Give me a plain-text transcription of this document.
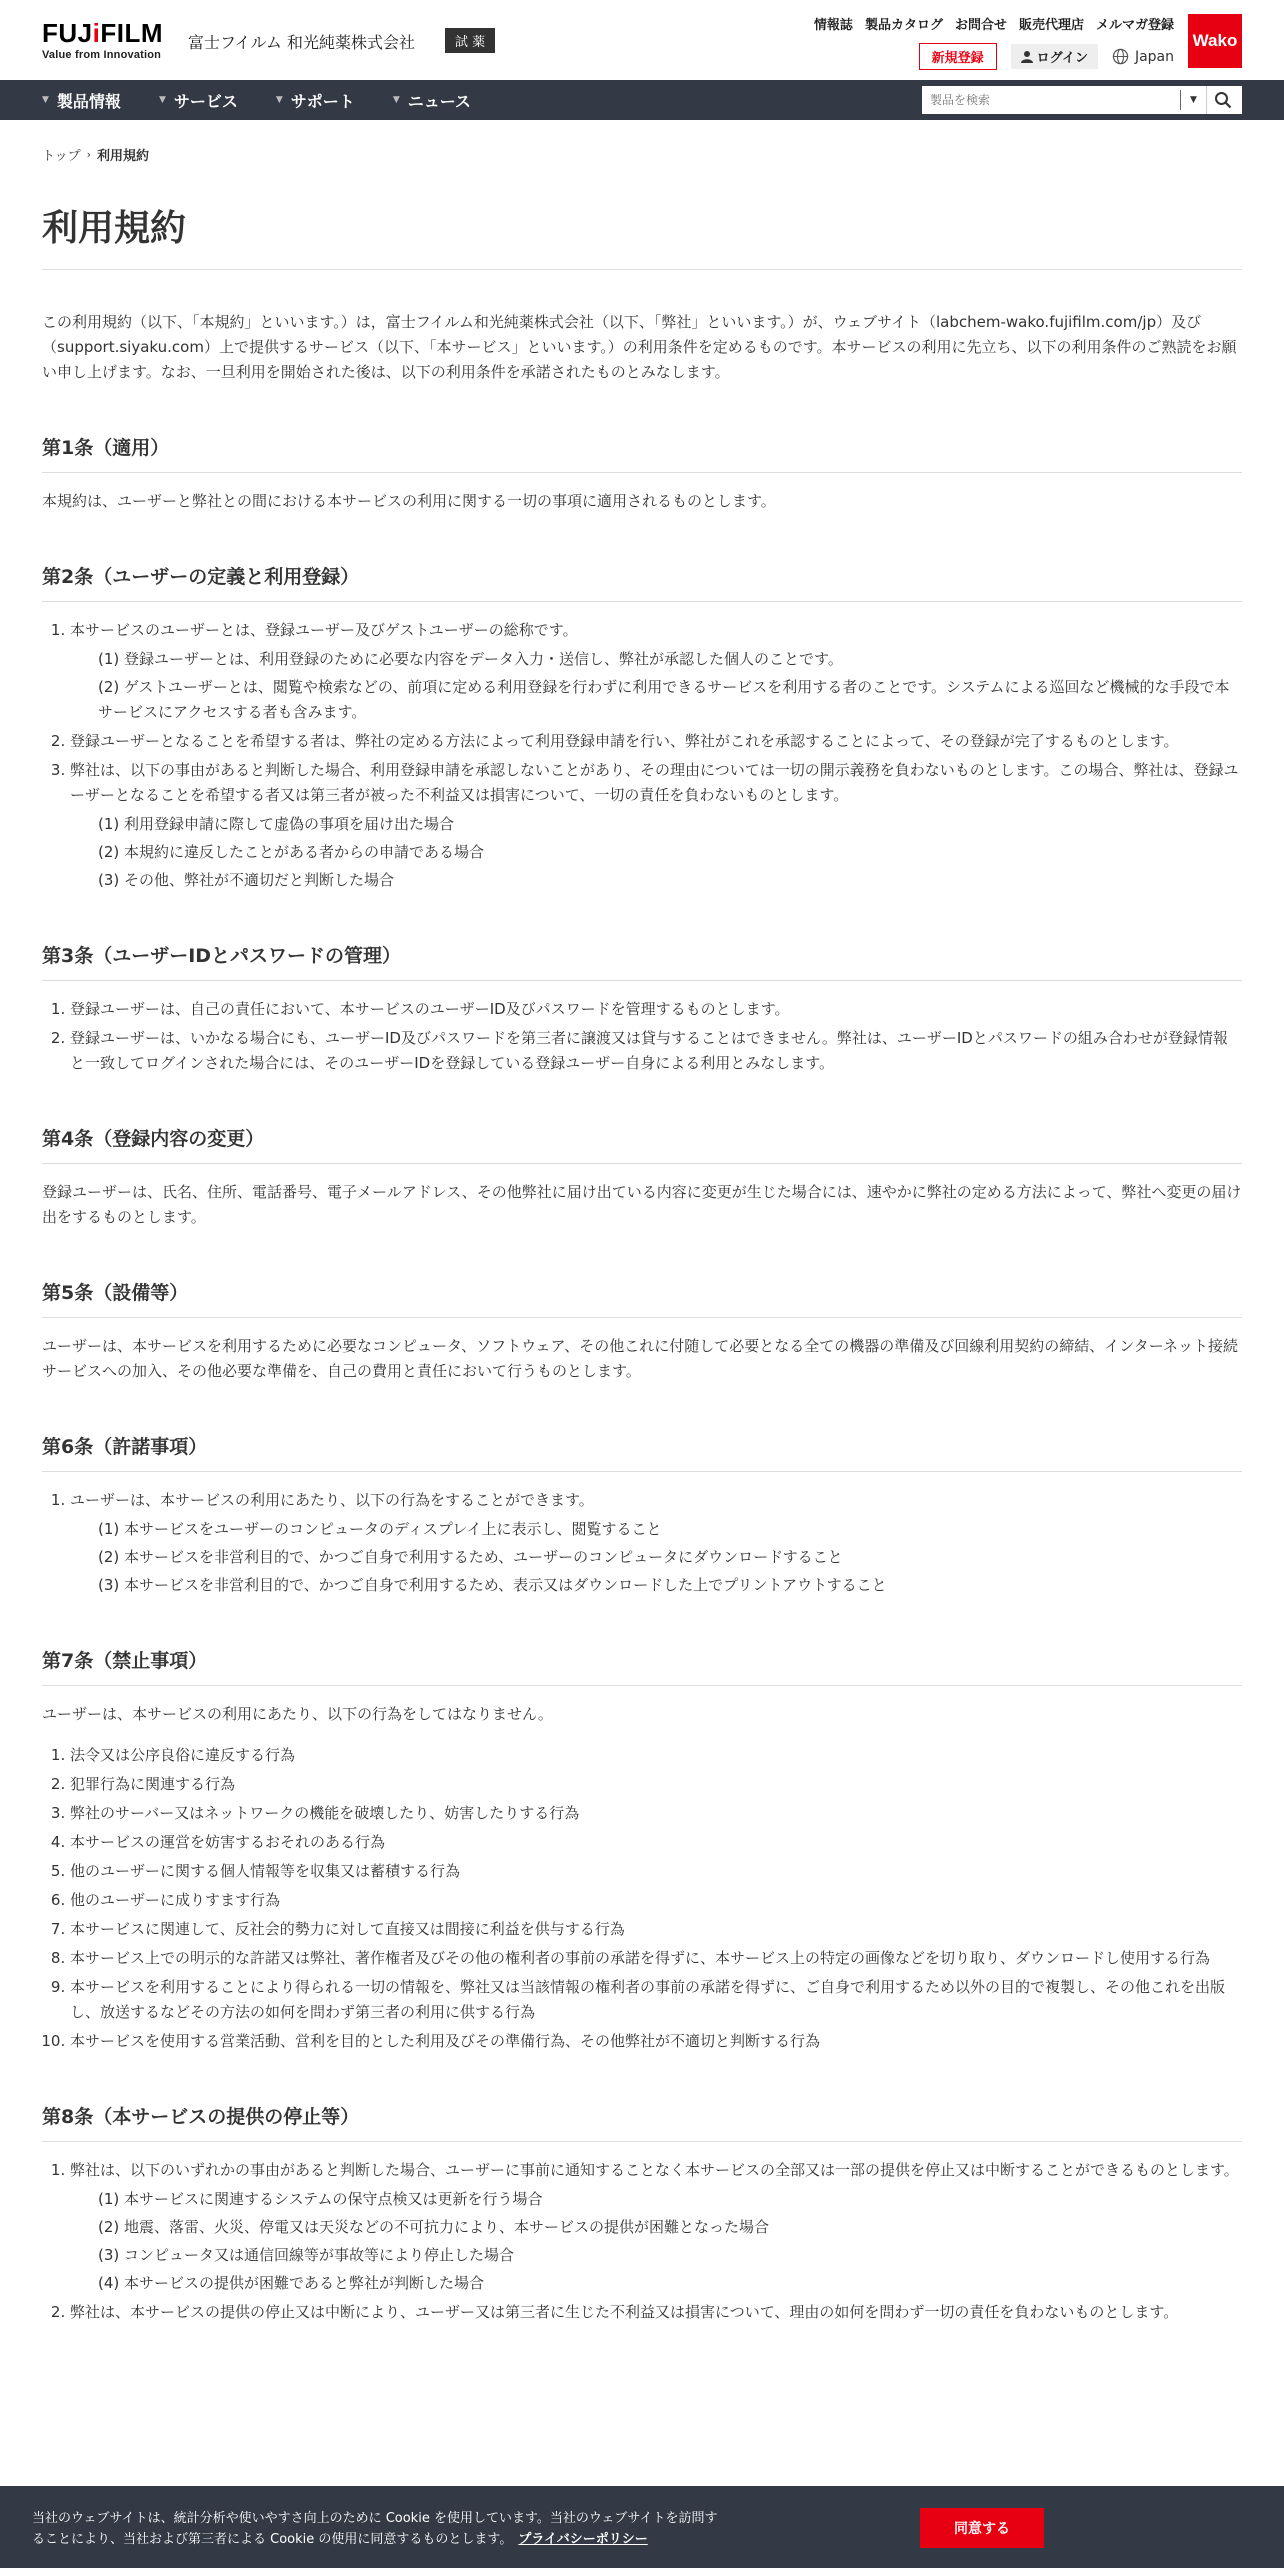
FUJiFILM
Value from Innovation
富士フイルム 和光純薬株式会社	試 薬
情報誌 製品カタログ お問合せ 販売代理店 メルマガ登録
新規登録	ログイン	Japan
Wako
▼ 製品情報	▼ サービス	▼ サポート	▼ ニュース
製品を検索	▼
トップ › 利用規約
利用規約

この利用規約（以下、「本規約」といいます。）は，富士フイルム和光純薬株式会社（以下、「弊社」といいます。）が、ウェブサイト（labchem-wako.fujifilm.com/jp）及び（support.siyaku.com）上で提供するサービス（以下、「本サービス」といいます。）の利用条件を定めるものです。本サービスの利用に先立ち、以下の利用条件のご熟読をお願い申し上げます。なお、一旦利用を開始された後は、以下の利用条件を承諾されたものとみなします。

第1条（適用）

本規約は、ユーザーと弊社との間における本サービスの利用に関する一切の事項に適用されるものとします。

第2条（ユーザーの定義と利用登録）
1. 本サービスのユーザーとは、登録ユーザー及びゲストユーザーの総称です。
(1) 登録ユーザーとは、利用登録のために必要な内容をデータ入力・送信し、弊社が承認した個人のことです。
(2) ゲストユーザーとは、閲覧や検索などの、前項に定める利用登録を行わずに利用できるサービスを利用する者のことです。システムによる巡回など機械的な手段で本サービスにアクセスする者も含みます。
2. 登録ユーザーとなることを希望する者は、弊社の定める方法によって利用登録申請を行い、弊社がこれを承認することによって、その登録が完了するものとします。
3. 弊社は、以下の事由があると判断した場合、利用登録申請を承認しないことがあり、その理由については一切の開示義務を負わないものとします。この場合、弊社は、登録ユーザーとなることを希望する者又は第三者が被った不利益又は損害について、一切の責任を負わないものとします。
(1) 利用登録申請に際して虚偽の事項を届け出た場合
(2) 本規約に違反したことがある者からの申請である場合
(3) その他、弊社が不適切だと判断した場合
第3条（ユーザーIDとパスワードの管理）
1. 登録ユーザーは、自己の責任において、本サービスのユーザーID及びパスワードを管理するものとします。
2. 登録ユーザーは、いかなる場合にも、ユーザーID及びパスワードを第三者に譲渡又は貸与することはできません。弊社は、ユーザーIDとパスワードの組み合わせが登録情報と一致してログインされた場合には、そのユーザーIDを登録している登録ユーザー自身による利用とみなします。
第4条（登録内容の変更）

登録ユーザーは、氏名、住所、電話番号、電子メールアドレス、その他弊社に届け出ている内容に変更が生じた場合には、速やかに弊社の定める方法によって、弊社へ変更の届け出をするものとします。

第5条（設備等）

ユーザーは、本サービスを利用するために必要なコンピュータ、ソフトウェア、その他これに付随して必要となる全ての機器の準備及び回線利用契約の締結、インターネット接続サービスへの加入、その他必要な準備を、自己の費用と責任において行うものとします。

第6条（許諾事項）
1. ユーザーは、本サービスの利用にあたり、以下の行為をすることができます。
(1) 本サービスをユーザーのコンピュータのディスプレイ上に表示し、閲覧すること
(2) 本サービスを非営利目的で、かつご自身で利用するため、ユーザーのコンピュータにダウンロードすること
(3) 本サービスを非営利目的で、かつご自身で利用するため、表示又はダウンロードした上でプリントアウトすること
第7条（禁止事項）

ユーザーは、本サービスの利用にあたり、以下の行為をしてはなりません。

1. 法令又は公序良俗に違反する行為
2. 犯罪行為に関連する行為
3. 弊社のサーバー又はネットワークの機能を破壊したり、妨害したりする行為
4. 本サービスの運営を妨害するおそれのある行為
5. 他のユーザーに関する個人情報等を収集又は蓄積する行為
6. 他のユーザーに成りすます行為
7. 本サービスに関連して、反社会的勢力に対して直接又は間接に利益を供与する行為
8. 本サービス上での明示的な許諾又は弊社、著作権者及びその他の権利者の事前の承諾を得ずに、本サービス上の特定の画像などを切り取り、ダウンロードし使用する行為
9. 本サービスを利用することにより得られる一切の情報を、弊社又は当該情報の権利者の事前の承諾を得ずに、ご自身で利用するため以外の目的で複製し、その他これを出版し、放送するなどその方法の如何を問わず第三者の利用に供する行為
10. 本サービスを使用する営業活動、営利を目的とした利用及びその準備行為、その他弊社が不適切と判断する行為
第8条（本サービスの提供の停止等）
1. 弊社は、以下のいずれかの事由があると判断した場合、ユーザーに事前に通知することなく本サービスの全部又は一部の提供を停止又は中断することができるものとします。
(1) 本サービスに関連するシステムの保守点検又は更新を行う場合
(2) 地震、落雷、火災、停電又は天災などの不可抗力により、本サービスの提供が困難となった場合
(3) コンピュータ又は通信回線等が事故等により停止した場合
(4) 本サービスの提供が困難であると弊社が判断した場合
2. 弊社は、本サービスの提供の停止又は中断により、ユーザー又は第三者に生じた不利益又は損害について、理由の如何を問わず一切の責任を負わないものとします。
当社のウェブサイトは、統計分析や使いやすさ向上のために Cookie を使用しています。当社のウェブサイトを訪問することにより、当社および第三者による Cookie の使用に同意するものとします。 プライバシーポリシー
同意する
